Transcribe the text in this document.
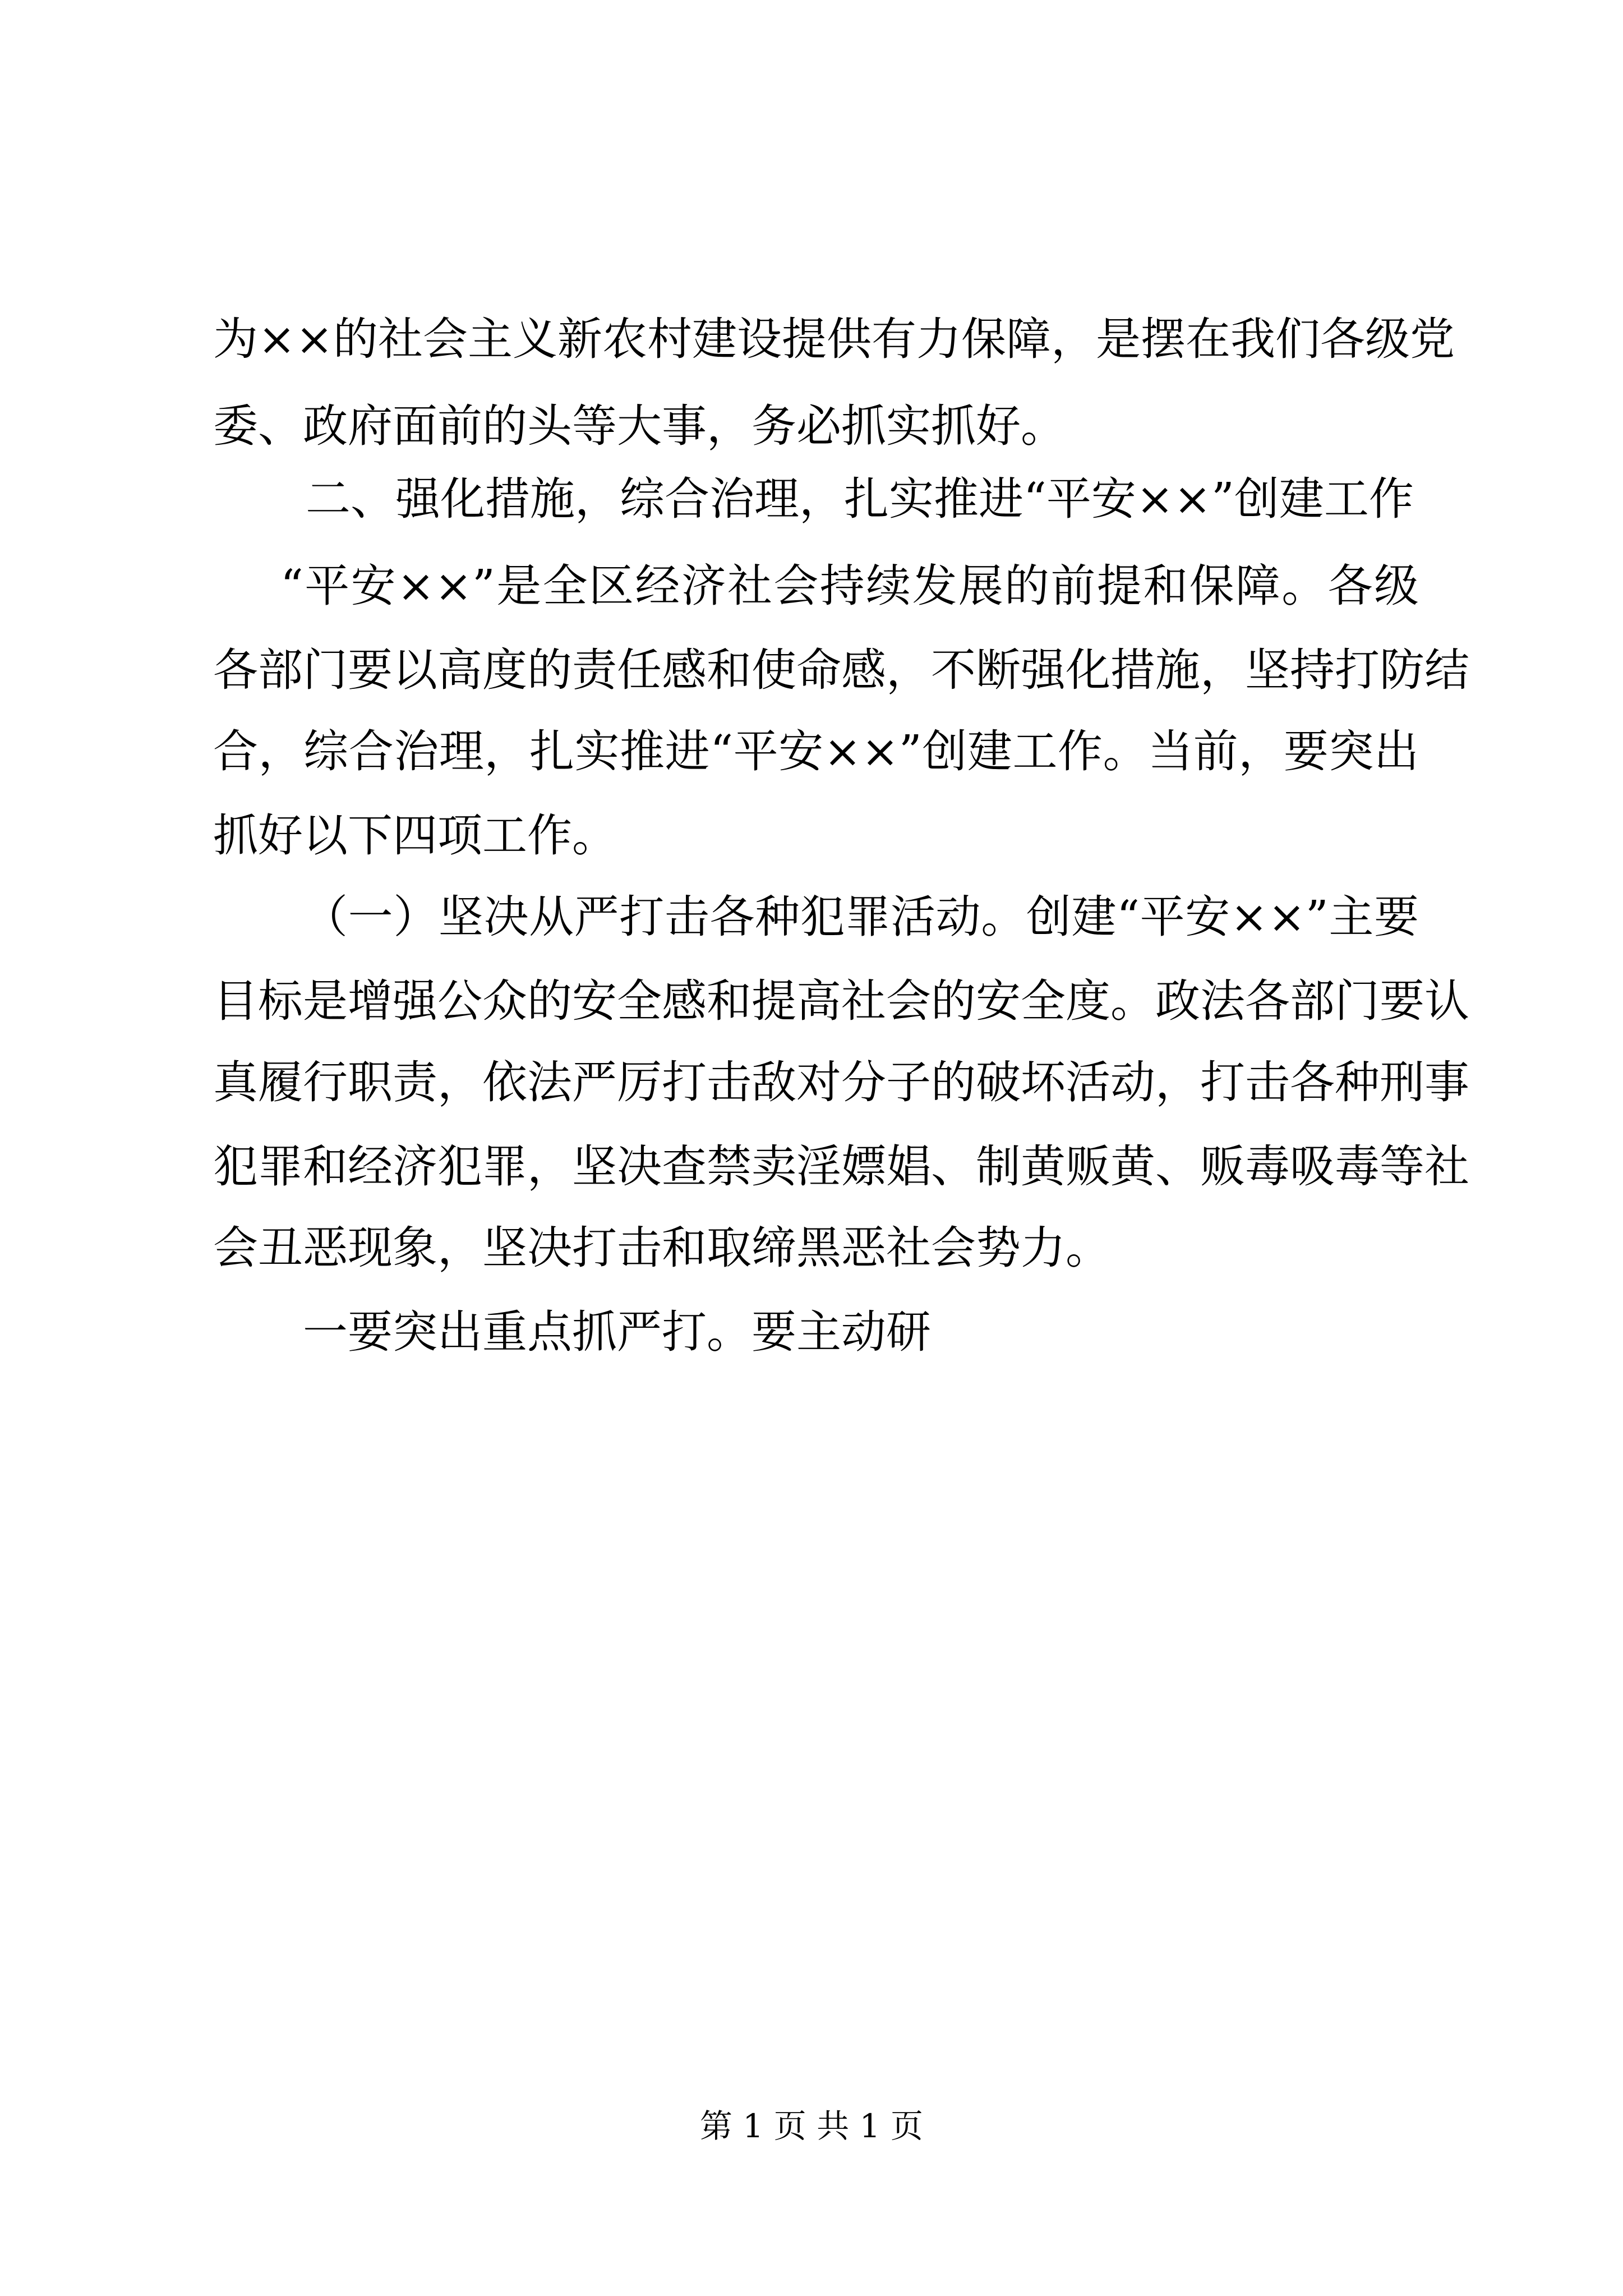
为××的社会主义新农村建设提供有力保障，是摆在我们各级党
委、政府面前的头等大事，务必抓实抓好。
二、强化措施，综合治理，扎实推进“平安××”创建工作
“平安××”是全区经济社会持续发展的前提和保障。各级
各部门要以高度的责任感和使命感，不断强化措施，坚持打防结
合，综合治理，扎实推进“平安××”创建工作。当前，要突出
抓好以下四项工作。
（一）坚决从严打击各种犯罪活动。创建“平安××”主要
目标是增强公众的安全感和提高社会的安全度。政法各部门要认
真履行职责，依法严厉打击敌对分子的破坏活动，打击各种刑事
犯罪和经济犯罪，坚决查禁卖淫嫖娼、制黄贩黄、贩毒吸毒等社
会丑恶现象，坚决打击和取缔黑恶社会势力。
一要突出重点抓严打。要主动研
第 1 页 共 1 页
